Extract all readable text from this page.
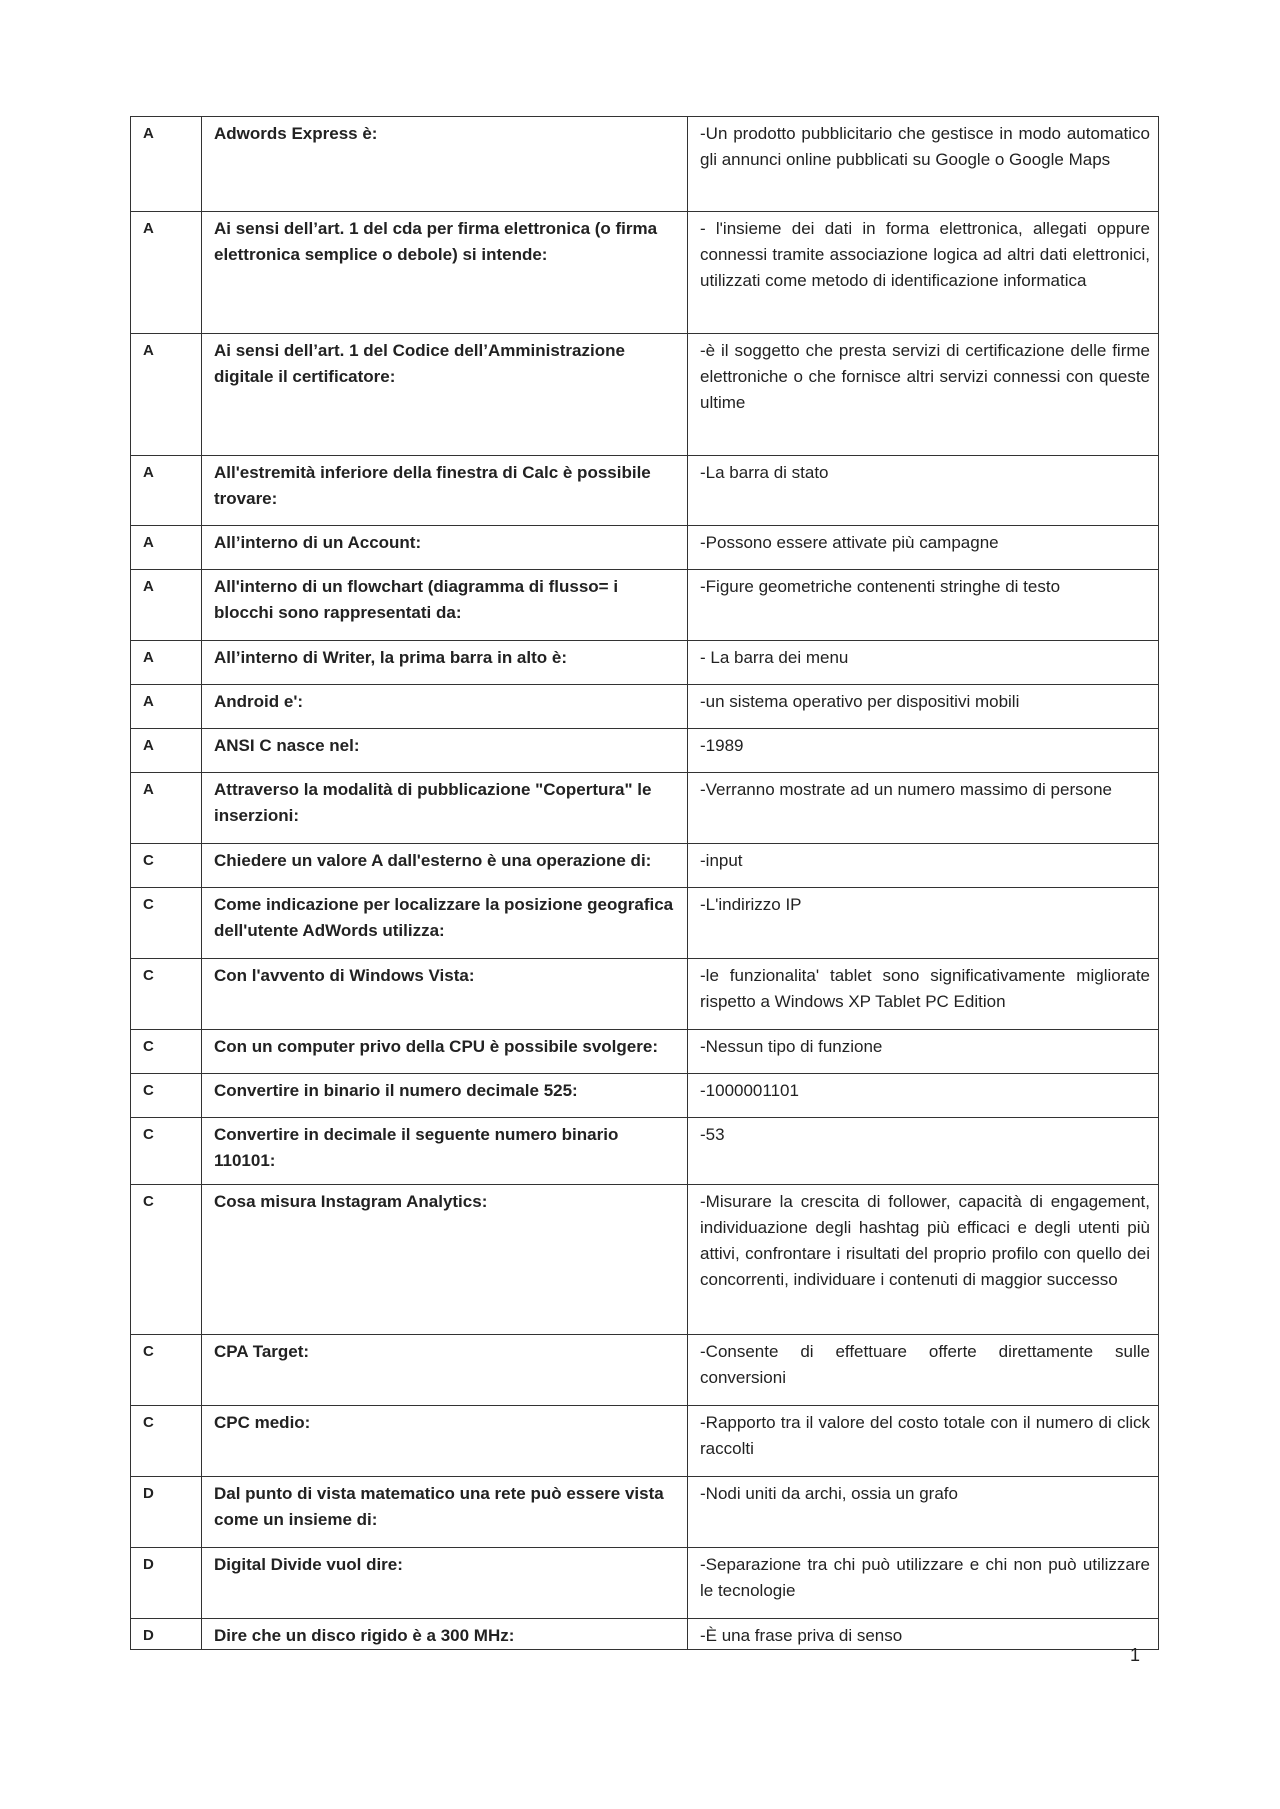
A	Adwords Express è:	-Un prodotto pubblicitario che gestisce in modo automatico gli annunci online pubblicati su Google o Google Maps
A	Ai sensi dell’art. 1 del cda per firma elettronica (o firma elettronica semplice o debole) si intende:	- l'insieme dei dati in forma elettronica, allegati oppure connessi tramite associazione logica ad altri dati elettronici, utilizzati come metodo di identificazione informatica
A	Ai sensi dell’art. 1 del Codice dell’Amministrazione digitale il certificatore:	-è il soggetto che presta servizi di certificazione delle firme elettroniche o che fornisce altri servizi connessi con queste ultime
A	All'estremità inferiore della finestra di Calc è possibile trovare:	-La barra di stato
A	All’interno di un Account:	-Possono essere attivate più campagne
A	All'interno di un flowchart (diagramma di flusso= i blocchi sono rappresentati da:	-Figure geometriche contenenti stringhe di testo
A	All’interno di Writer, la prima barra in alto è:	- La barra dei menu
A	Android e':	-un sistema operativo per dispositivi mobili
A	ANSI C nasce nel:	-1989
A	Attraverso la modalità di pubblicazione "Copertura" le inserzioni:	-Verranno mostrate ad un numero massimo di persone
C	Chiedere un valore A dall'esterno è una operazione di:	-input
C	Come indicazione per localizzare la posizione geografica dell'utente AdWords utilizza:	-L'indirizzo IP
C	Con l'avvento di Windows Vista:	-le funzionalita' tablet sono significativamente migliorate rispetto a Windows XP Tablet PC Edition
C	Con un computer privo della CPU è possibile svolgere:	-Nessun tipo di funzione
C	Convertire in binario il numero decimale 525:	-1000001101
C	Convertire in decimale il seguente numero binario 110101:	-53
C	Cosa misura Instagram Analytics:	-Misurare la crescita di follower, capacità di engagement, individuazione degli hashtag più efficaci e degli utenti più attivi, confrontare i risultati del proprio profilo con quello dei concorrenti, individuare i contenuti di maggior successo
C	CPA Target:	-Consente di effettuare offerte direttamente sulle conversioni
C	CPC medio:	-Rapporto tra il valore del costo totale con il numero di click raccolti
D	Dal punto di vista matematico una rete può essere vista come un insieme di:	-Nodi uniti da archi, ossia un grafo
D	Digital Divide vuol dire:	-Separazione tra chi può utilizzare e chi non può utilizzare le tecnologie
D	Dire che un disco rigido è a 300 MHz:	-È una frase priva di senso
1
